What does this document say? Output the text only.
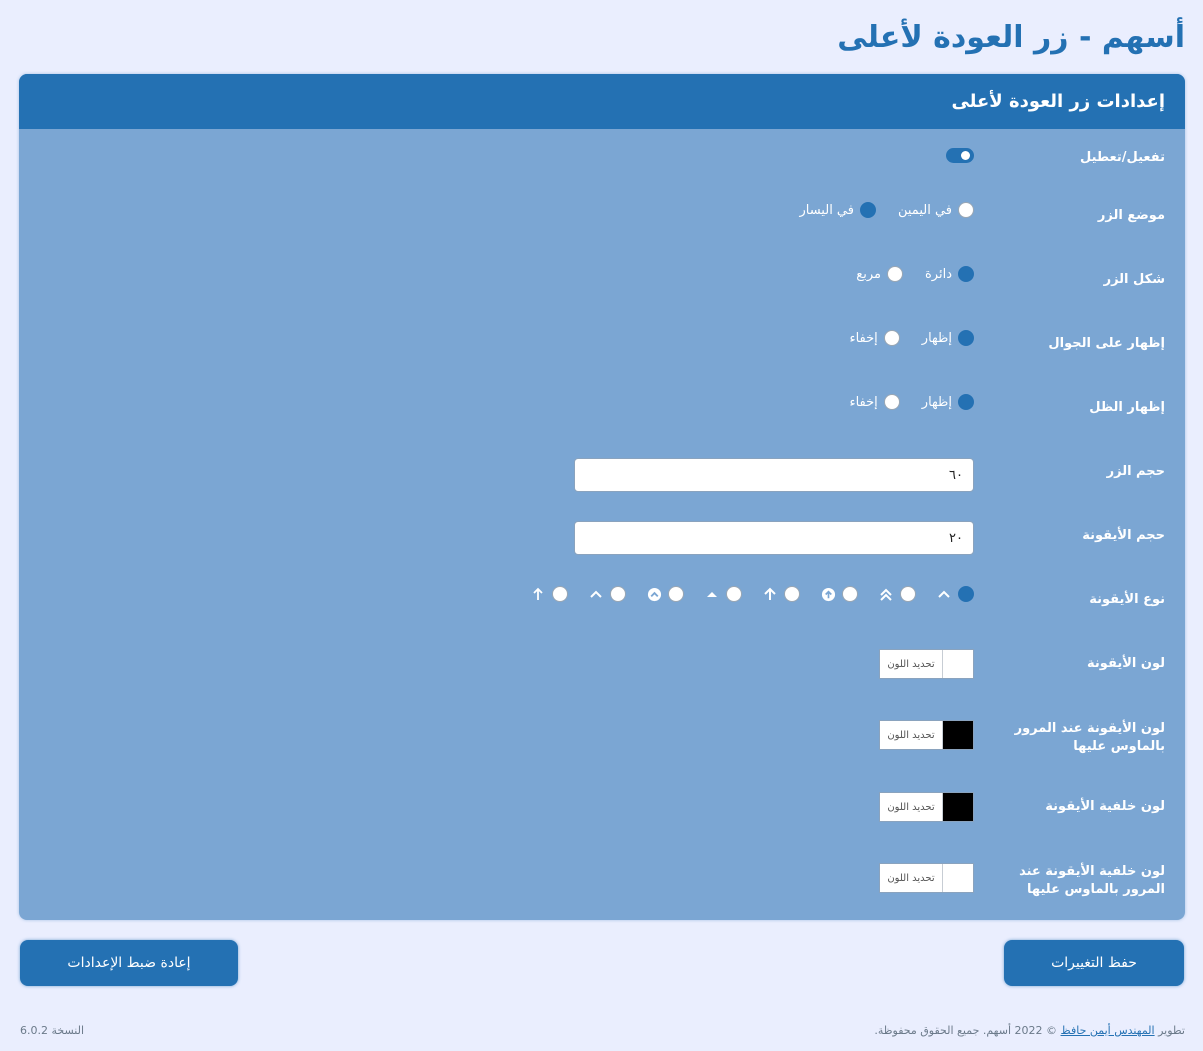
أسهم - زر العودة لأعلى
إعدادات زر العودة لأعلى
تفعيل/تعطيل
موضع الزر
في اليمين
في اليسار
شكل الزر
دائرة
مربع
إظهار على الجوال
إظهار
إخفاء
إظهار الظل
إظهار
إخفاء
حجم الزر
٦٠
حجم الأيقونة
٢٠
نوع الأيقونة
لون الأيقونة
تحديد اللون
لون الأيقونة عند المرور بالماوس عليها
تحديد اللون
لون خلفية الأيقونة
تحديد اللون
لون خلفية الأيقونة عند المرور بالماوس عليها
تحديد اللون
حفظ التغييرات
إعادة ضبط الإعدادات
تطوير المهندس أيمن حافظ © 2022 أسهم. جميع الحقوق محفوظة.
النسخة 6.0.2
